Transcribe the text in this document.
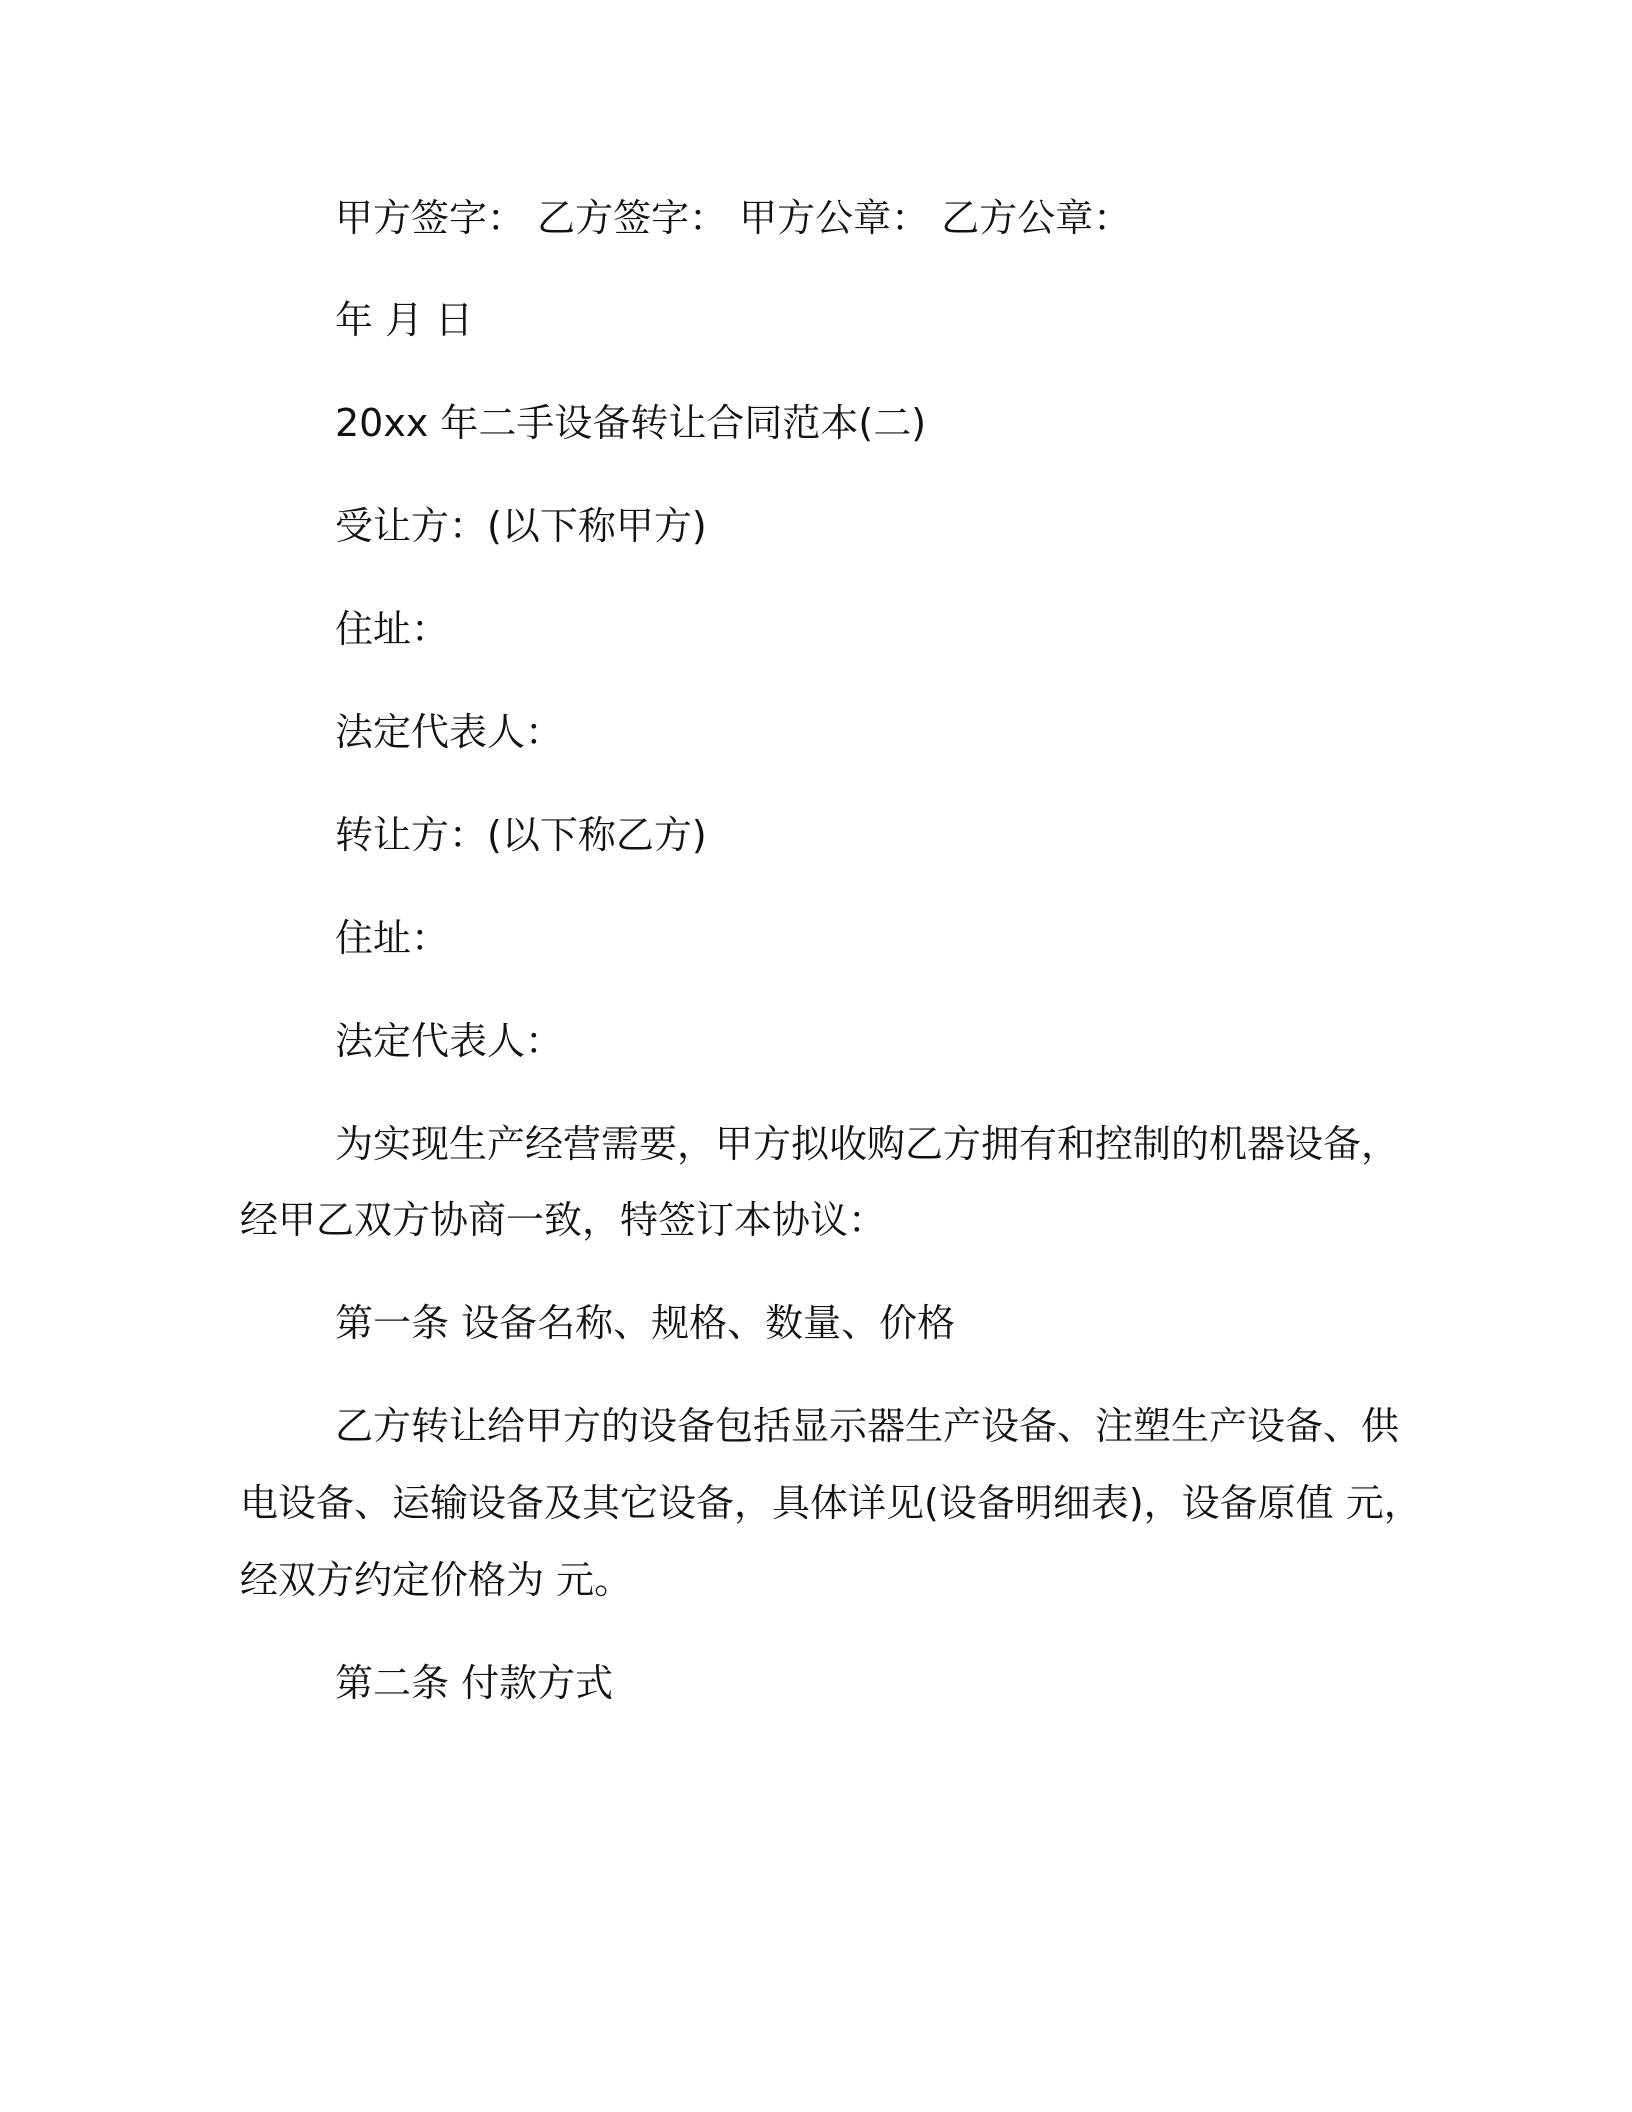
甲方签字： 乙方签字： 甲方公章： 乙方公章：

年 月 日

20xx 年二手设备转让合同范本(二)

受让方：(以下称甲方)

住址：

法定代表人：

转让方：(以下称乙方)

住址：

法定代表人：

为实现生产经营需要，甲方拟收购乙方拥有和控制的机器设备，

经甲乙双方协商一致，特签订本协议：

第一条 设备名称、规格、数量、价格

乙方转让给甲方的设备包括显示器生产设备、注塑生产设备、供

电设备、运输设备及其它设备，具体详见(设备明细表)，设备原值 元，

经双方约定价格为 元。

第二条 付款方式
